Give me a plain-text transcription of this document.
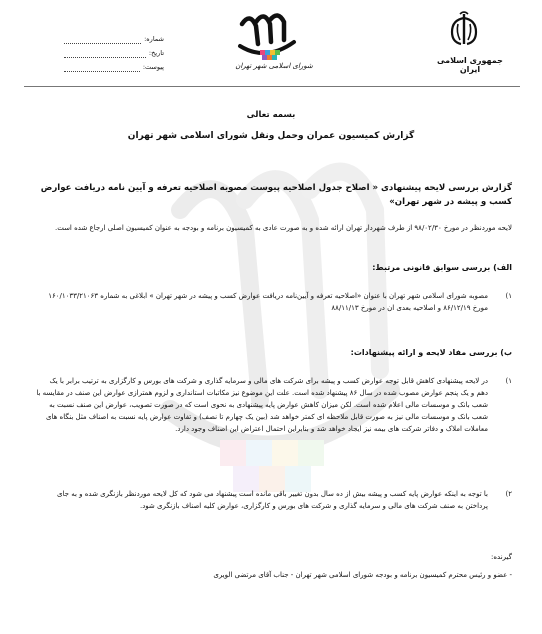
جمهوری اسلامی ایران
شورای اسلامی شهر تهران
شماره:
تاریخ:
پیوست:
بسمه تعالی
گزارش کمیسیون عمران وحمل ونقل شورای اسلامی شهر تهران
گزارش بررسی لایحه پیشنهادی « اصلاح جدول اصلاحیه پیوست مصوبه اصلاحیه تعرفه و آیین نامه دریافت عوارض کسب و پیشه در شهر تهران»
لایحه موردنظر در مورخ ۹۸/۰۲/۳۰ از طرف شهردار تهران ارائه شده و به صورت عادی به کمیسیون برنامه و بودجه به عنوان کمیسیون اصلی ارجاع شده است.
الف) بررسی سوابق قانونی مرتبط:
۱)
مصوبه شورای اسلامی شهر تهران با عنوان «اصلاحیه تعرفه و آیین‌نامه دریافت عوارض کسب و پیشه در شهر تهران » ابلاغی به شماره ۱۶۰/۱۰۳۳/۲۱۰۶۳ مورخ ۸۶/۱۲/۱۹ و اصلاحیه بعدی ان در مورخ ۸۸/۱۱/۱۳
ب) بررسی مفاد لایحه و ارائه پیشنهادات:
۱)
در لایحه پیشنهادی کاهش قابل توجه عوارض کسب و پیشه برای شرکت های مالی و سرمایه گذاری و شرکت های بورس و کارگزاری به ترتیب برابر با یک دهم و یک پنجم عوارض مصوب شده در سال ۸۶ پیشنهاد شده است. علت این موضوع نیز مکاتبات استانداری و لزوم همترازی عوارض این صنف در مقایسه با شعب بانک و موسسات مالی اعلام شده است. لکن میزان کاهش عوارض پایه پیشنهادی به نحوی است که در صورت تصویب، عوارض این صنف نسبت به شعب بانک و موسسات مالی نیز به صورت قابل ملاحظه ای کمتر خواهد شد (بین یک چهارم تا نصف) و تفاوت عوارض پایه نسبت به اصناف مثل بنگاه های معاملات املاک و دفاتر شرکت های بیمه نیز ایجاد خواهد شد و بنابراین احتمال اعتراض این اصناف وجود دارد.
۲)
با توجه به اینکه عوارض پایه کسب و پیشه بیش از ده سال بدون تغییر باقی مانده است پیشنهاد می شود که کل لایحه موردنظر بازنگری شده و به جای پرداختن به صنف شرکت های مالی و سرمایه گذاری و شرکت های بورس و کارگزاری، عوارض کلیه اصناف بازنگری شود.
گیرنده:
- عضو و رئیس محترم کمیسیون برنامه و بودجه شورای اسلامی شهر تهران - جناب آقای مرتضی الویری
